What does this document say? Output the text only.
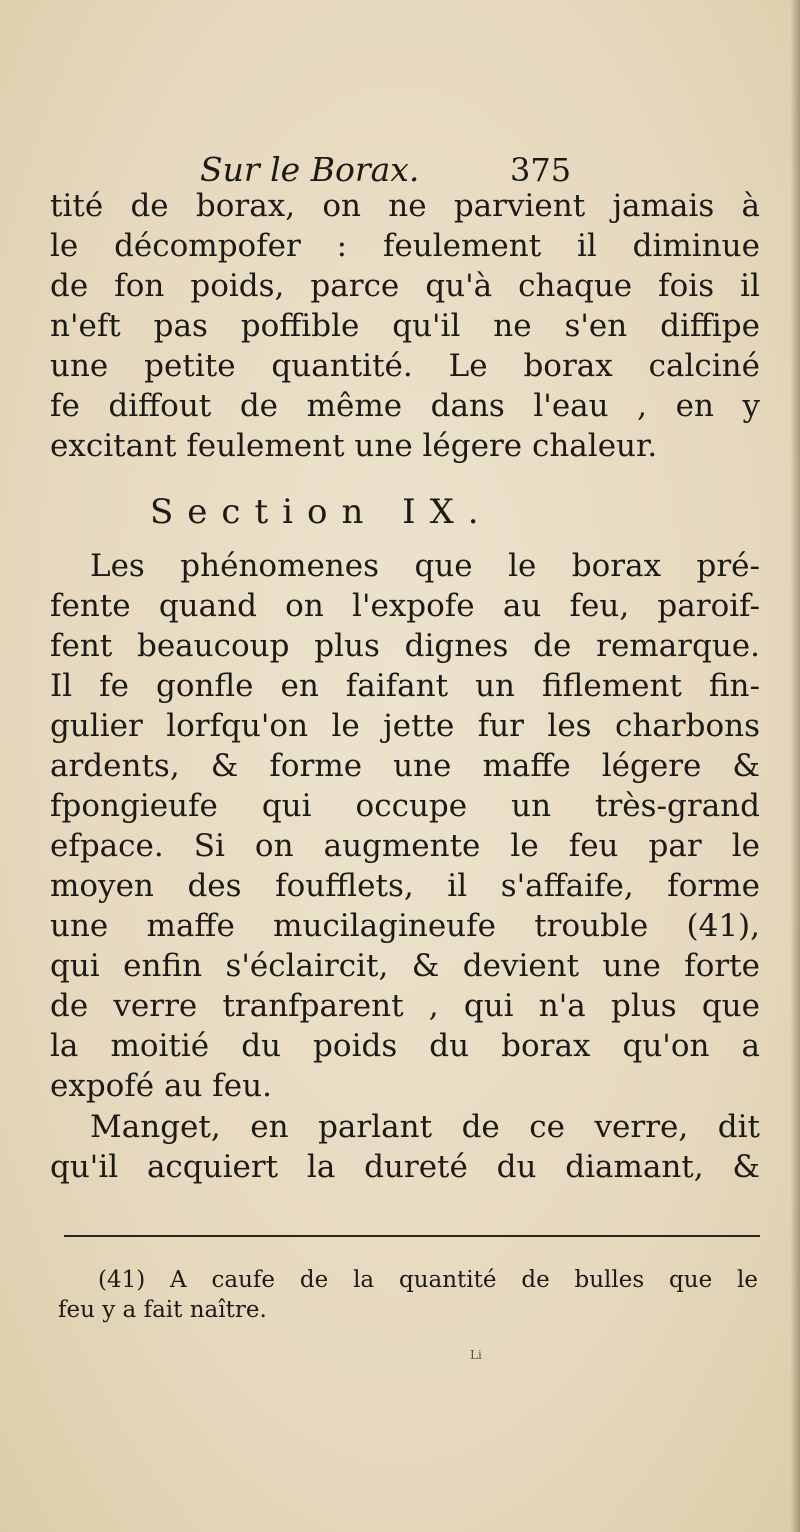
Sur le Borax.	375
tité de borax, on ne parvient jamais à
le décompofer : feulement il diminue
de fon poids, parce qu'à chaque fois il
n'eft pas poffible qu'il ne s'en diffipe
une petite quantité. Le borax calciné
fe diffout de même dans l'eau , en y
excitant feulement une légere chaleur.
Section IX.
Les phénomenes que le borax pré-
fente quand on l'expofe au feu, paroif-
fent beaucoup plus dignes de remarque.
Il fe gonfle en faifant un fiflement fin-
gulier lorfqu'on le jette fur les charbons
ardents, & forme une maffe légere &
fpongieufe qui occupe un très-grand
efpace. Si on augmente le feu par le
moyen des foufflets, il s'affaife, forme
une maffe mucilagineufe trouble (41),
qui enfin s'éclaircit, & devient une forte
de verre tranfparent , qui n'a plus que
la moitié du poids du borax qu'on a
expofé au feu.
Manget, en parlant de ce verre, dit
qu'il acquiert la dureté du diamant, &
(41) A caufe de la quantité de bulles que le
feu y a fait naître.
Li
